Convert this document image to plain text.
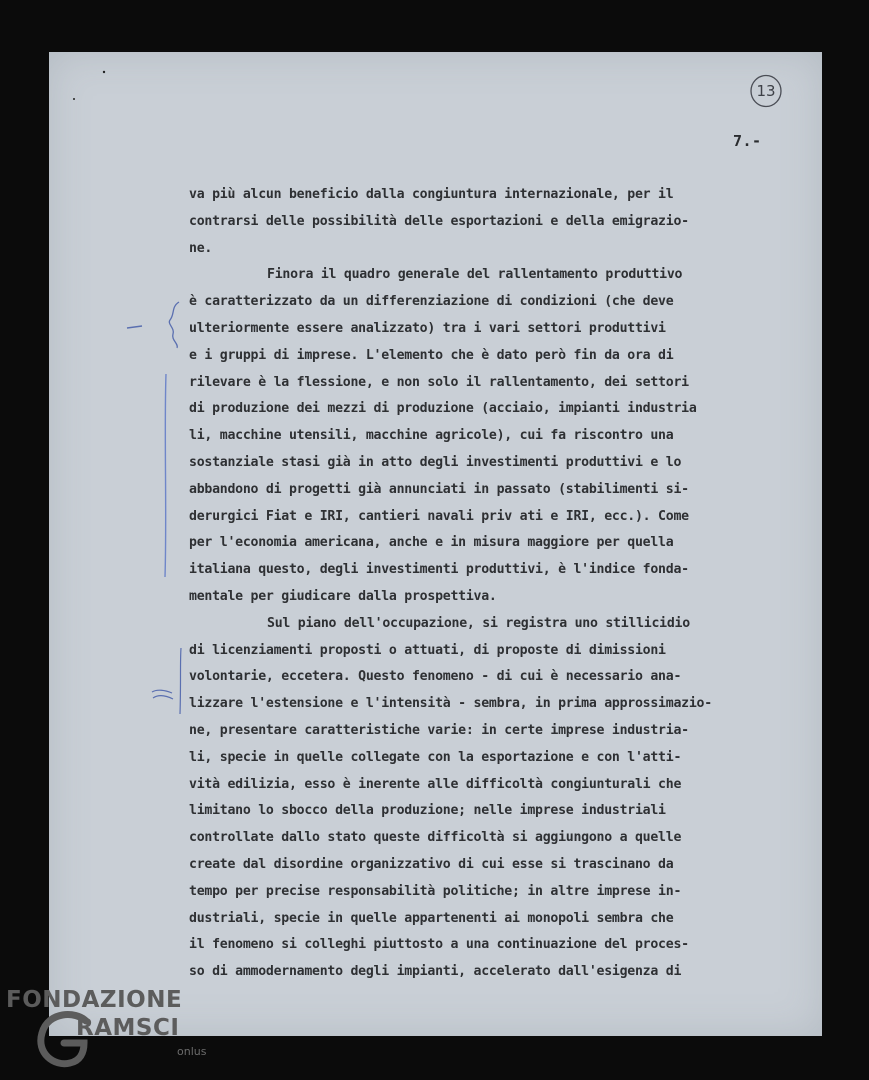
13
7.-
va più alcun beneficio dalla congiuntura internazionale, per il
contrarsi delle possibilità delle esportazioni e della emigrazio-
ne.
Finora il quadro generale del rallentamento produttivo
è caratterizzato da un differenziazione di condizioni (che deve
ulteriormente essere analizzato) tra i vari settori produttivi
e i gruppi di imprese. L'elemento che è dato però fin da ora di
rilevare è la flessione, e non solo il rallentamento, dei settori
di produzione dei mezzi di produzione (acciaio, impianti industria
li, macchine utensili, macchine agricole), cui fa riscontro una
sostanziale stasi già in atto degli investimenti produttivi e lo
abbandono di progetti già annunciati in passato (stabilimenti si-
derurgici Fiat e IRI, cantieri navali priv ati e IRI, ecc.). Come
per l'economia americana, anche e in misura maggiore per quella
italiana questo, degli investimenti produttivi, è l'indice fonda-
mentale per giudicare dalla prospettiva.
Sul piano dell'occupazione, si registra uno stillicidio
di licenziamenti proposti o attuati, di proposte di dimissioni
volontarie, eccetera. Questo fenomeno - di cui è necessario ana-
lizzare l'estensione e l'intensità - sembra, in prima approssimazio-
ne, presentare caratteristiche varie: in certe imprese industria-
li, specie in quelle collegate con la esportazione e con l'atti-
vità edilizia, esso è inerente alle difficoltà congiunturali che
limitano lo sbocco della produzione; nelle imprese industriali
controllate dallo stato queste difficoltà si aggiungono a quelle
create dal disordine organizzativo di cui esse si trascinano da
tempo per precise responsabilità politiche; in altre imprese in-
dustriali, specie in quelle appartenenti ai monopoli sembra che
il fenomeno si colleghi piuttosto a una continuazione del proces-
so di ammodernamento degli impianti, accelerato dall'esigenza di
FONDAZIONE
RAMSCI
onlus
